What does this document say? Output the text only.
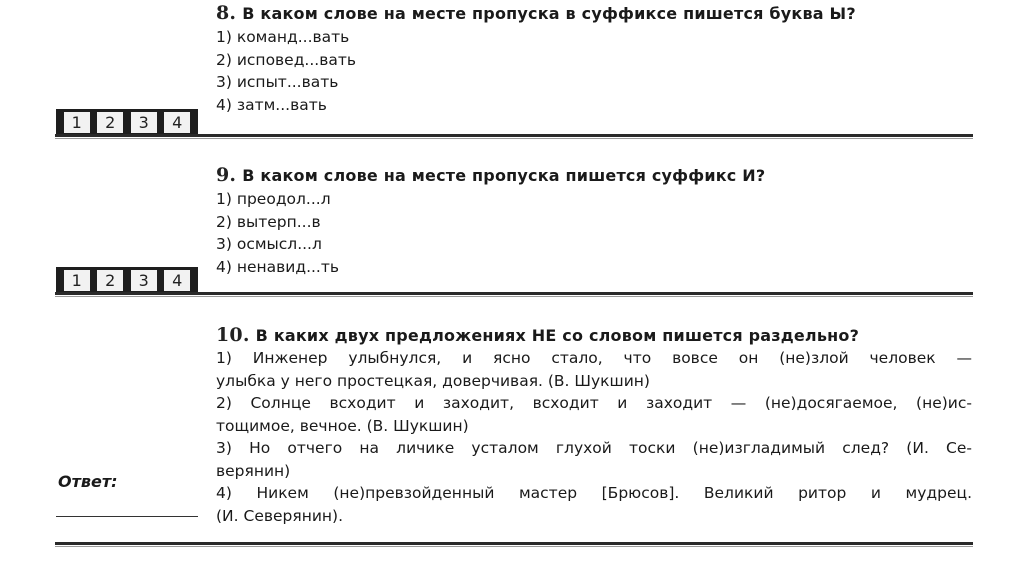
8. В каком слове на месте пропуска в суффиксе пишется буква Ы?
1) команд...вать
2) исповед...вать
3) испыт...вать
4) затм...вать
1	2	3	4
9. В каком слове на месте пропуска пишется суффикс И?
1) преодол...л
2) вытерп...в
3) осмысл...л
4) ненавид...ть
1	2	3	4
10. В каких двух предложениях НЕ со словом пишется раздельно?
1) Инженер улыбнулся, и ясно стало, что вовсе он (не)злой человек —
улыбка у него простецкая, доверчивая. (В. Шукшин)
2) Солнце всходит и заходит, всходит и заходит — (не)досягаемое, (не)ис-
тощимое, вечное. (В. Шукшин)
3) Но отчего на личике усталом глухой тоски (не)изгладимый след? (И. Се-
верянин)
4) Никем (не)превзойденный мастер [Брюсов]. Великий ритор и мудрец.
(И. Северянин).
Ответ:
